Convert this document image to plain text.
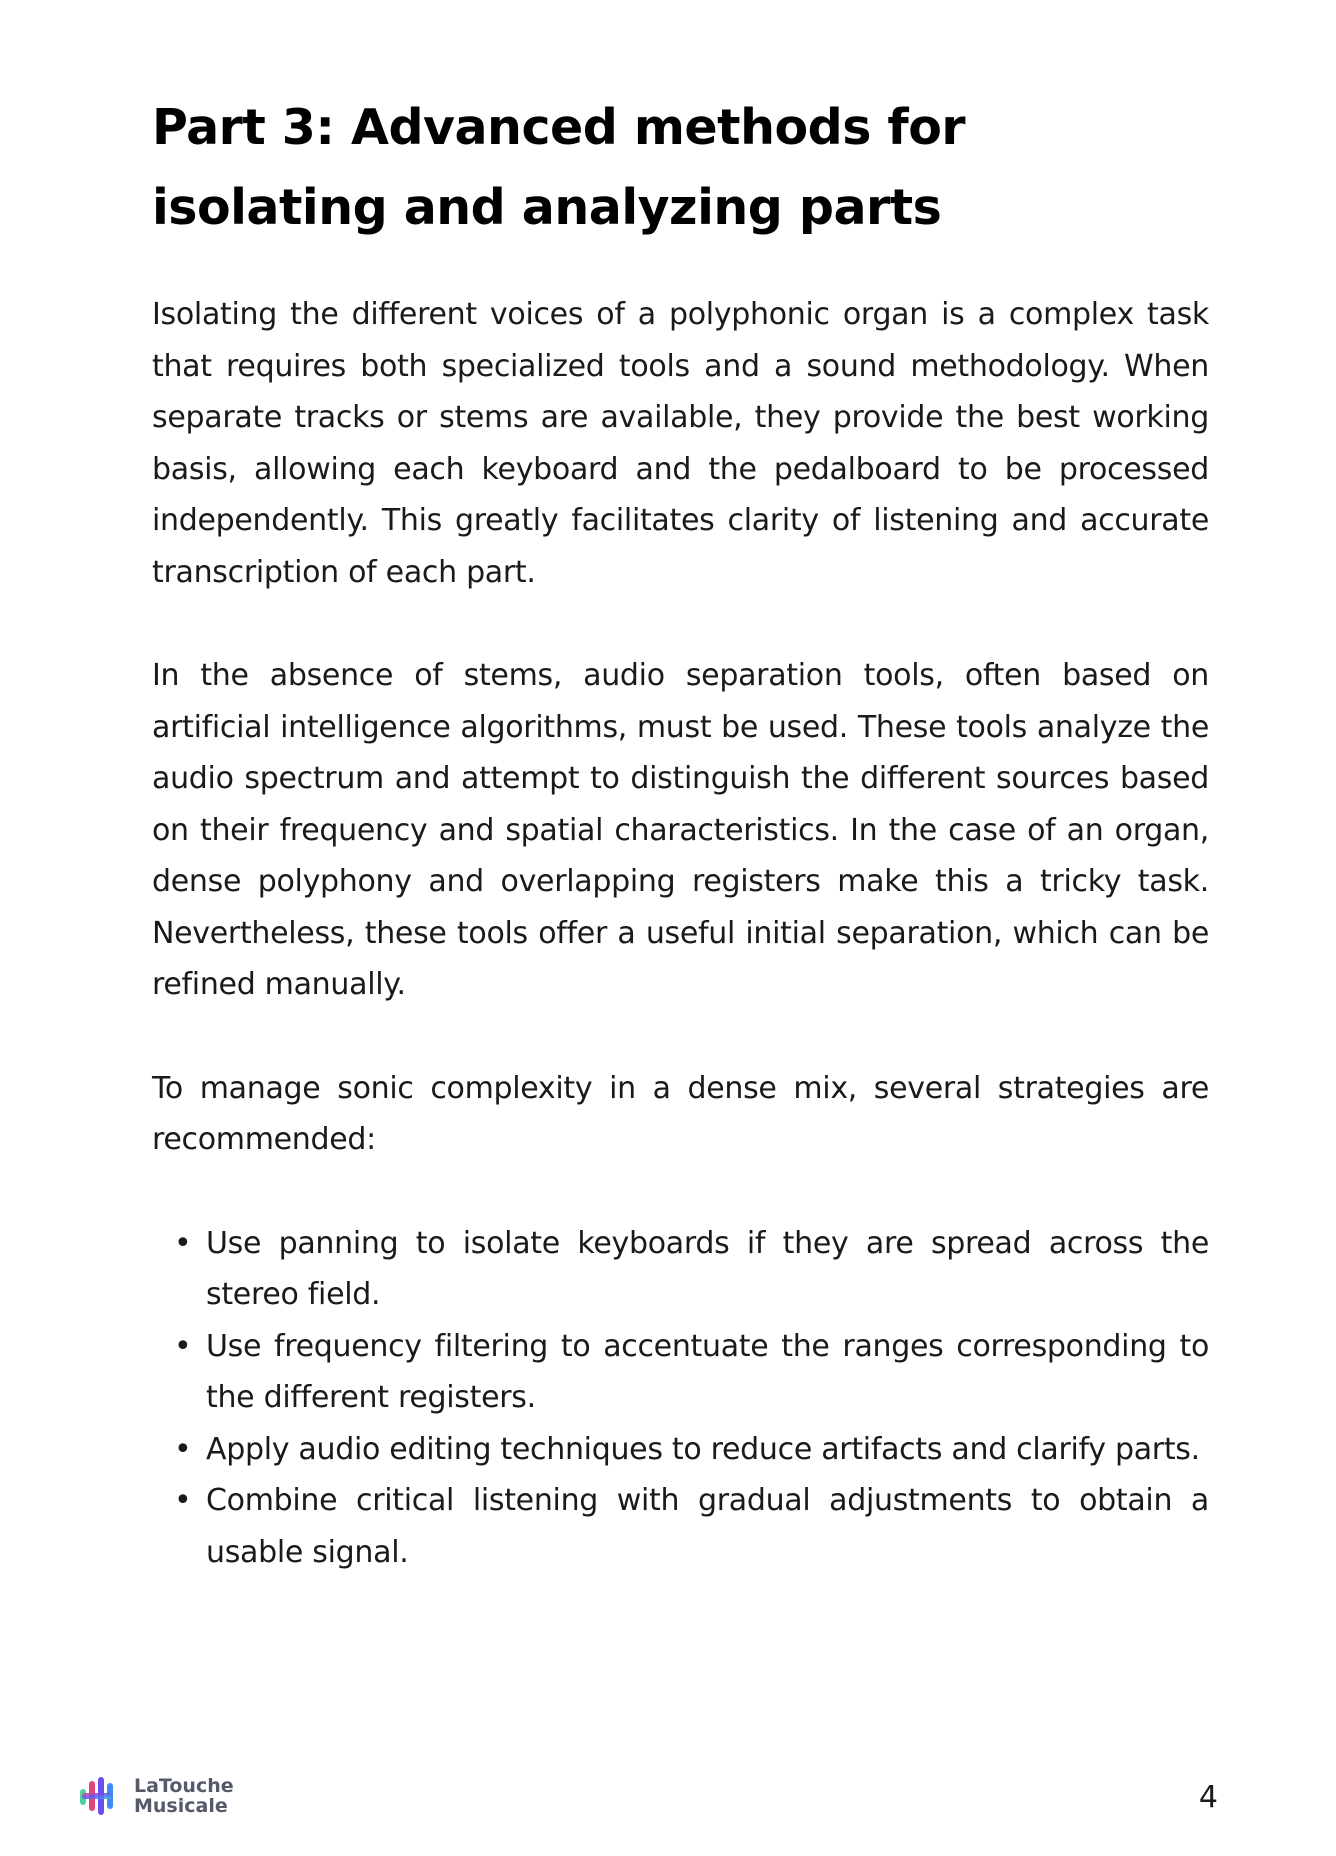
Part 3: Advanced methods for isolating and analyzing parts

Isolating the different voices of a polyphonic organ is a complex task that requires both specialized tools and a sound methodology. When separate tracks or stems are available, they provide the best working basis, allowing each keyboard and the pedalboard to be processed independently. This greatly facilitates clarity of listening and accurate transcription of each part.

In the absence of stems, audio separation tools, often based on artificial intelligence algorithms, must be used. These tools analyze the audio spectrum and attempt to distinguish the different sources based on their frequency and spatial characteristics. In the case of an organ, dense polyphony and overlapping registers make this a tricky task. Nevertheless, these tools offer a useful initial separation, which can be refined manually.

To manage sonic complexity in a dense mix, several strategies are recommended:

• Use panning to isolate keyboards if they are spread across the stereo field.
• Use frequency filtering to accentuate the ranges corresponding to the different registers.
• Apply audio editing techniques to reduce artifacts and clarify parts.
• Combine critical listening with gradual adjustments to obtain a usable signal.
LaTouche
Musicale	4
